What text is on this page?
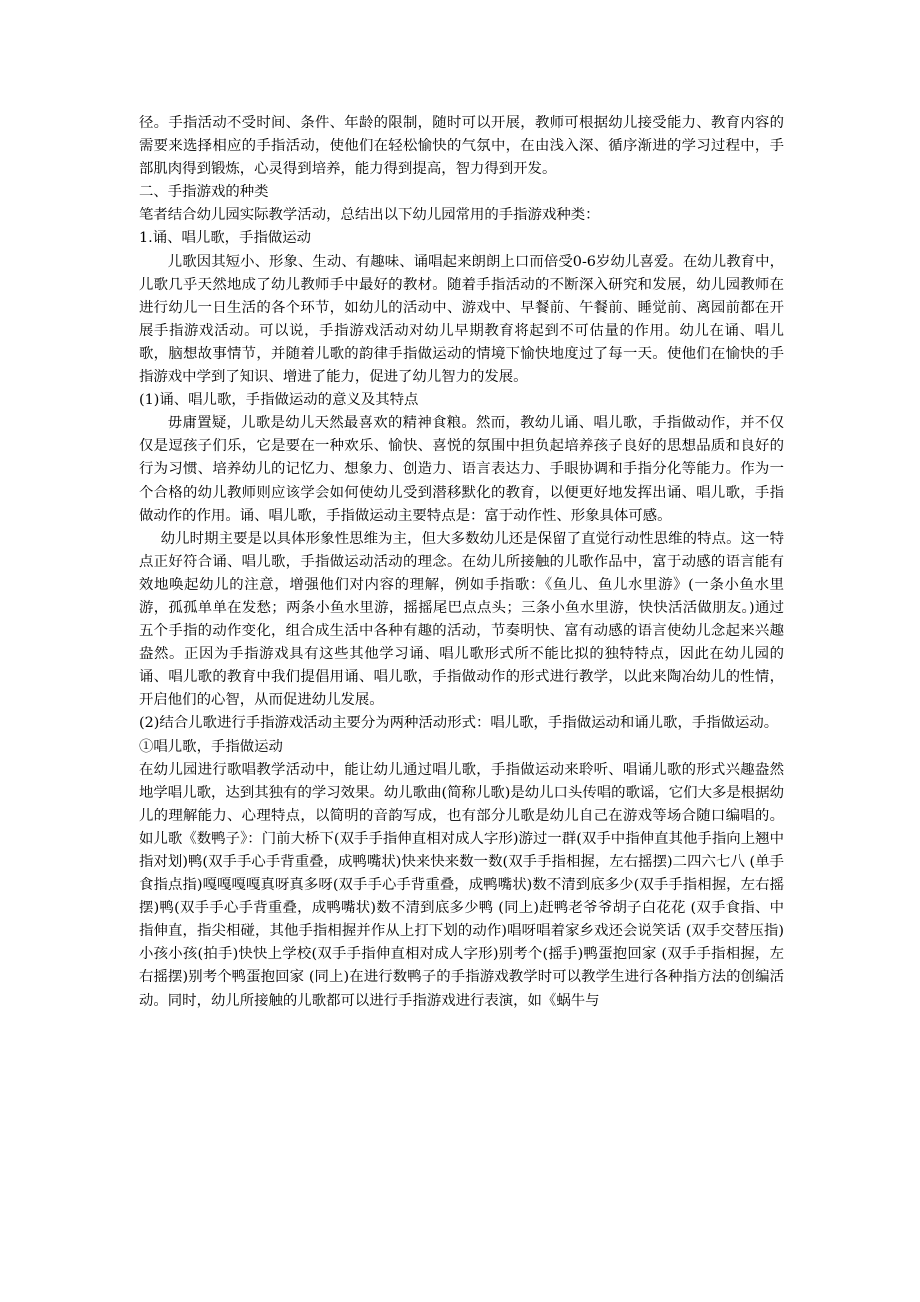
径。手指活动不受时间、条件、年龄的限制，随时可以开展，教师可根据幼儿接受能力、教育内容的需要来选择相应的手指活动，使他们在轻松愉快的气氛中，在由浅入深、循序渐进的学习过程中，手部肌肉得到锻炼，心灵得到培养，能力得到提高，智力得到开发。

二、手指游戏的种类

笔者结合幼儿园实际教学活动，总结出以下幼儿园常用的手指游戏种类：

1.诵、唱儿歌，手指做运动

儿歌因其短小、形象、生动、有趣味、诵唱起来朗朗上口而倍受0-6岁幼儿喜爱。在幼儿教育中，儿歌几乎天然地成了幼儿教师手中最好的教材。随着手指活动的不断深入研究和发展，幼儿园教师在进行幼儿一日生活的各个环节，如幼儿的活动中、游戏中、早餐前、午餐前、睡觉前、离园前都在开展手指游戏活动。可以说，手指游戏活动对幼儿早期教育将起到不可估量的作用。幼儿在诵、唱儿歌，脑想故事情节，并随着儿歌的韵律手指做运动的情境下愉快地度过了每一天。使他们在愉快的手指游戏中学到了知识、增进了能力，促进了幼儿智力的发展。

(1)诵、唱儿歌，手指做运动的意义及其特点

毋庸置疑，儿歌是幼儿天然最喜欢的精神食粮。然而，教幼儿诵、唱儿歌，手指做动作，并不仅仅是逗孩子们乐，它是要在一种欢乐、愉快、喜悦的氛围中担负起培养孩子良好的思想品质和良好的行为习惯、培养幼儿的记忆力、想象力、创造力、语言表达力、手眼协调和手指分化等能力。作为一个合格的幼儿教师则应该学会如何使幼儿受到潜移默化的教育，以便更好地发挥出诵、唱儿歌，手指做动作的作用。诵、唱儿歌，手指做运动主要特点是：富于动作性、形象具体可感。

幼儿时期主要是以具体形象性思维为主，但大多数幼儿还是保留了直觉行动性思维的特点。这一特点正好符合诵、唱儿歌，手指做运动活动的理念。在幼儿所接触的儿歌作品中，富于动感的语言能有效地唤起幼儿的注意，增强他们对内容的理解，例如手指歌：《鱼儿、鱼儿水里游》(一条小鱼水里游，孤孤单单在发愁；两条小鱼水里游，摇摇尾巴点点头；三条小鱼水里游，快快活活做朋友。)通过五个手指的动作变化，组合成生活中各种有趣的活动，节奏明快、富有动感的语言使幼儿念起来兴趣盎然。正因为手指游戏具有这些其他学习诵、唱儿歌形式所不能比拟的独特特点，因此在幼儿园的诵、唱儿歌的教育中我们提倡用诵、唱儿歌，手指做动作的形式进行教学，以此来陶冶幼儿的性情，开启他们的心智，从而促进幼儿发展。

(2)结合儿歌进行手指游戏活动主要分为两种活动形式：唱儿歌，手指做运动和诵儿歌，手指做运动。

①唱儿歌，手指做运动

在幼儿园进行歌唱教学活动中，能让幼儿通过唱儿歌，手指做运动来聆听、唱诵儿歌的形式兴趣盎然地学唱儿歌，达到其独有的学习效果。幼儿歌曲(简称儿歌)是幼儿口头传唱的歌谣，它们大多是根据幼儿的理解能力、心理特点，以简明的音韵写成，也有部分儿歌是幼儿自己在游戏等场合随口编唱的。如儿歌《数鸭子》：门前大桥下(双手手指伸直相对成人字形)游过一群(双手中指伸直其他手指向上翘中指对划)鸭(双手手心手背重叠，成鸭嘴状)快来快来数一数(双手手指相握，左右摇摆)二四六七八 (单手食指点指)嘎嘎嘎嘎真呀真多呀(双手手心手背重叠，成鸭嘴状)数不清到底多少(双手手指相握，左右摇摆)鸭(双手手心手背重叠，成鸭嘴状)数不清到底多少鸭 (同上)赶鸭老爷爷胡子白花花 (双手食指、中指伸直，指尖相碰，其他手指相握并作从上打下划的动作)唱呀唱着家乡戏还会说笑话 (双手交替压指)小孩小孩(拍手)快快上学校(双手手指伸直相对成人字形)别考个(摇手)鸭蛋抱回家 (双手手指相握，左右摇摆)别考个鸭蛋抱回家 (同上)在进行数鸭子的手指游戏教学时可以教学生进行各种指方法的创编活动。同时，幼儿所接触的儿歌都可以进行手指游戏进行表演，如《蜗牛与
